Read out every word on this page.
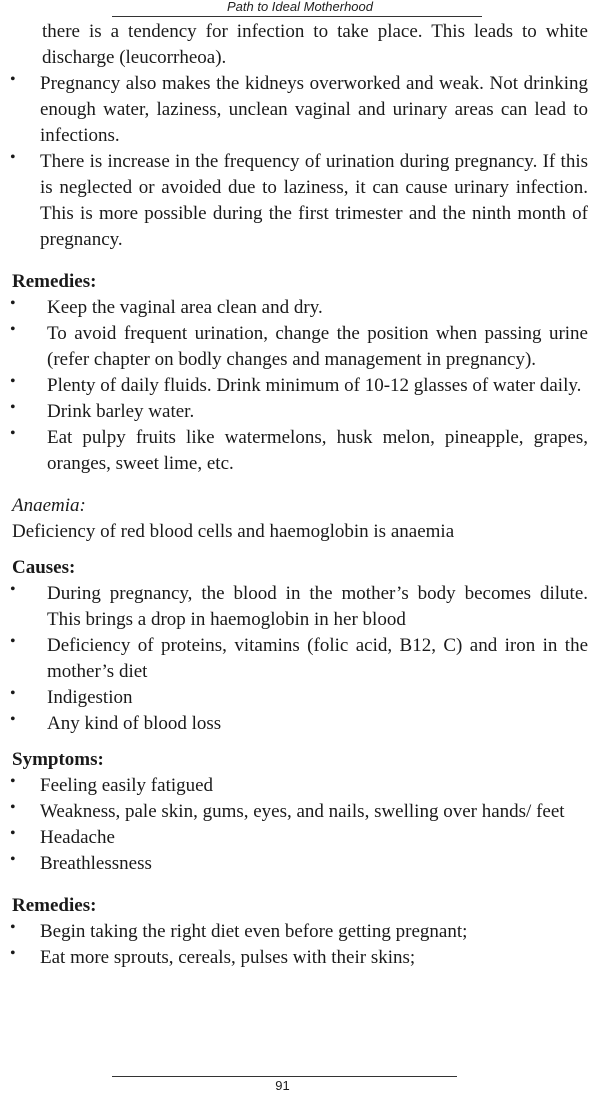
Path to Ideal Motherhood

there is a tendency for infection to take place. This leads to white discharge (leucorrheoa).

• Pregnancy also makes the kidneys overworked and weak. Not drinking enough water, laziness, unclean vaginal and urinary areas can lead to infections.

• There is increase in the frequency of urination during pregnancy. If this is neglected or avoided due to laziness, it can cause urinary infection. This is more possible during the first trimester and the ninth month of pregnancy.

Remedies:

• Keep the vaginal area clean and dry.

• To avoid frequent urination, change the position when passing urine (refer chapter on bodly changes and management in pregnancy).

• Plenty of daily fluids. Drink minimum of 10-12 glasses of water daily.

• Drink barley water.

• Eat pulpy fruits like watermelons, husk melon, pineapple, grapes, oranges, sweet lime, etc.

Anaemia:

Deficiency of red blood cells and haemoglobin is anaemia

Causes:

• During pregnancy, the blood in the mother’s body becomes dilute. This brings a drop in haemoglobin in her blood

• Deficiency of proteins, vitamins (folic acid, B12, C) and iron in the mother’s diet

• Indigestion

• Any kind of blood loss

Symptoms:

• Feeling easily fatigued

• Weakness, pale skin, gums, eyes, and nails, swelling over hands/ feet

• Headache

• Breathlessness

Remedies:

• Begin taking the right diet even before getting pregnant;

• Eat more sprouts, cereals, pulses with their skins;

91
